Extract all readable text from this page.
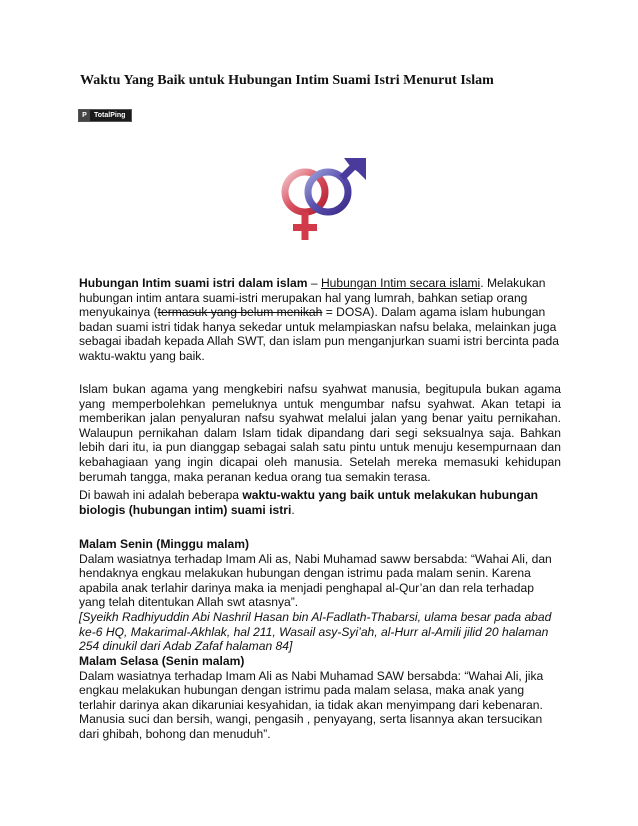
Waktu Yang Baik untuk Hubungan Intim Suami Istri Menurut Islam
P	TotalPing

Hubungan Intim suami istri dalam islam – Hubungan Intim secara islami. Melakukan hubungan intim antara suami-istri merupakan hal yang lumrah, bahkan setiap orang menyukainya (termasuk yang belum menikah = DOSA). Dalam agama islam hubungan badan suami istri tidak hanya sekedar untuk melampiaskan nafsu belaka, melainkan juga sebagai ibadah kepada Allah SWT, dan islam pun menganjurkan suami istri bercinta pada waktu-waktu yang baik.

Islam bukan agama yang mengkebiri nafsu syahwat manusia, begitupula bukan agama yang memperbolehkan pemeluknya untuk mengumbar nafsu syahwat. Akan tetapi ia memberikan jalan penyaluran nafsu syahwat melalui jalan yang benar yaitu pernikahan. Walaupun pernikahan dalam Islam tidak dipandang dari segi seksualnya saja. Bahkan lebih dari itu, ia pun dianggap sebagai salah satu pintu untuk menuju kesempurnaan dan kebahagiaan yang ingin dicapai oleh manusia. Setelah mereka memasuki kehidupan berumah tangga, maka peranan kedua orang tua semakin terasa.

Di bawah ini adalah beberapa waktu-waktu yang baik untuk melakukan hubungan biologis (hubungan intim) suami istri.

Malam Senin (Minggu malam)

Dalam wasiatnya terhadap Imam Ali as, Nabi Muhamad saww bersabda: “Wahai Ali, dan hendaknya engkau melakukan hubungan dengan istrimu pada malam senin. Karena apabila anak terlahir darinya maka ia menjadi penghapal al-Qur’an dan rela terhadap yang telah ditentukan Allah swt atasnya”.

[Syeikh Radhiyuddin Abi Nashril Hasan bin Al-Fadlath-Thabarsi, ulama besar pada abad ke-6 HQ, Makarimal-Akhlak, hal 211, Wasail asy-Syi’ah, al-Hurr al-Amili jilid 20 halaman 254 dinukil dari Adab Zafaf halaman 84]

Malam Selasa (Senin malam)

Dalam wasiatnya terhadap Imam Ali as Nabi Muhamad SAW bersabda: “Wahai Ali, jika engkau melakukan hubungan dengan istrimu pada malam selasa, maka anak yang terlahir darinya akan dikaruniai kesyahidan, ia tidak akan menyimpang dari kebenaran. Manusia suci dan bersih, wangi, pengasih , penyayang, serta lisannya akan tersucikan dari ghibah, bohong dan menuduh”.
